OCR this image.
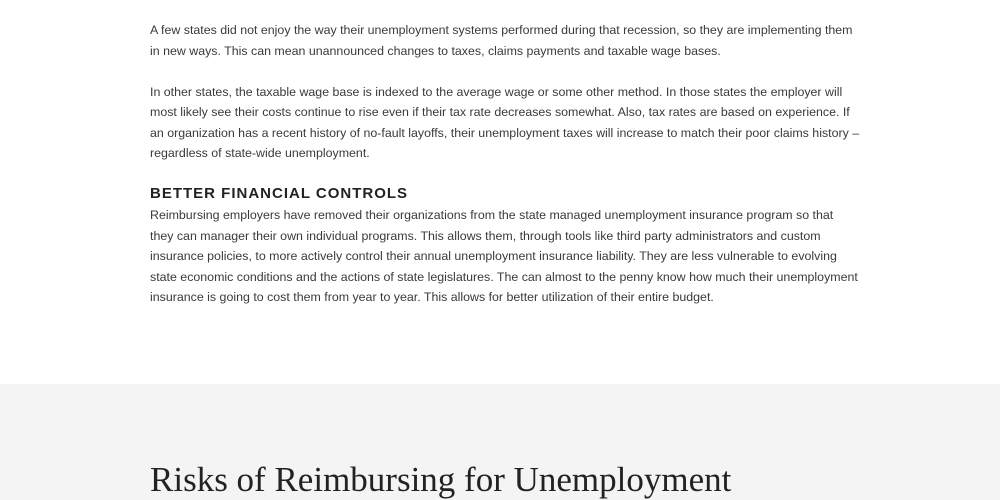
A few states did not enjoy the way their unemployment systems performed during that recession, so they are implementing them in new ways. This can mean unannounced changes to taxes, claims payments and taxable wage bases.

In other states, the taxable wage base is indexed to the average wage or some other method. In those states the employer will most likely see their costs continue to rise even if their tax rate decreases somewhat. Also, tax rates are based on experience. If an organization has a recent history of no-fault layoffs, their unemployment taxes will increase to match their poor claims history – regardless of state-wide unemployment.

BETTER FINANCIAL CONTROLS

Reimbursing employers have removed their organizations from the state managed unemployment insurance program so that they can manager their own individual programs. This allows them, through tools like third party administrators and custom insurance policies, to more actively control their annual unemployment insurance liability. They are less vulnerable to evolving state economic conditions and the actions of state legislatures. The can almost to the penny know how much their unemployment insurance is going to cost them from year to year. This allows for better utilization of their entire budget.

Risks of Reimbursing for Unemployment
